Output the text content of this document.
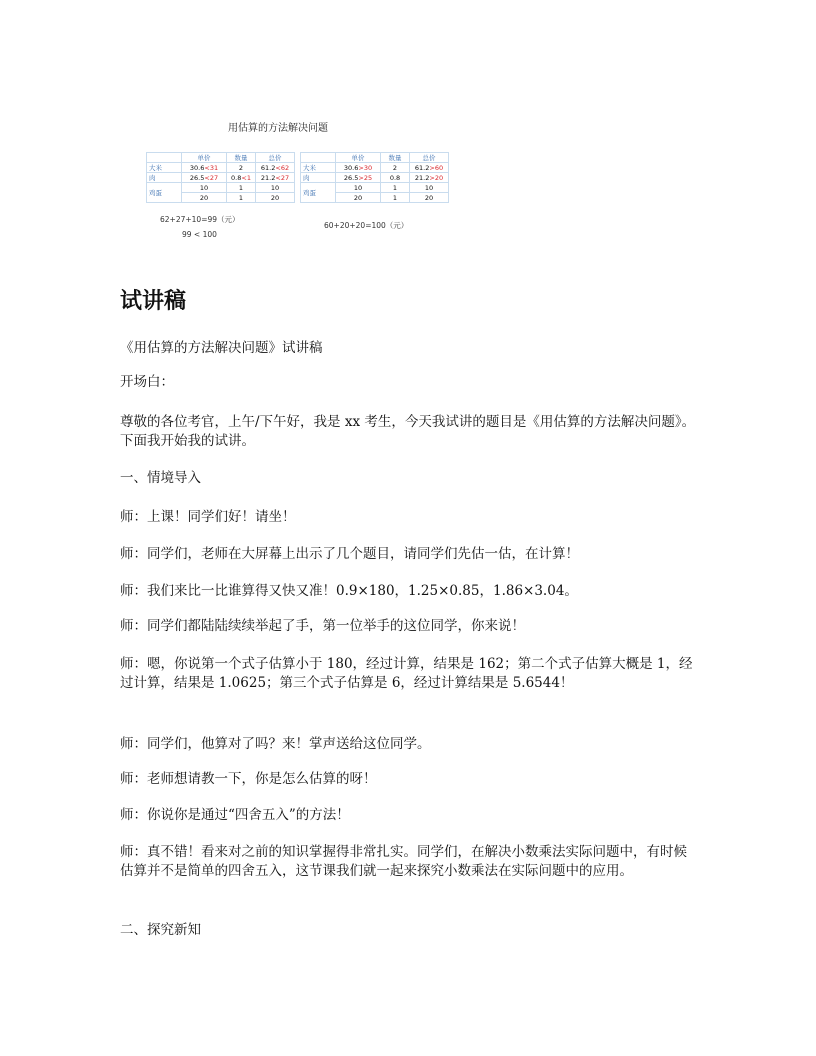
用估算的方法解决问题
	单价	数量	总价
大米	30.6<31	2	61.2<62
肉	26.5<27	0.8<1	21.2<27
鸡蛋	10	1	10
	20	1	20
62+27+10=99（元）
99 < 100
	单价	数量	总价
大米	30.6>30	2	61.2>60
肉	26.5>25	0.8	21.2>20
鸡蛋	10	1	10
	20	1	20
60+20+20=100（元）
试讲稿

《用估算的方法解决问题》试讲稿

开场白：

尊敬的各位考官，上午/下午好，我是 xx 考生，今天我试讲的题目是《用估算的方法解决问题》。下面我开始我的试讲。

一、情境导入

师：上课！同学们好！请坐！

师：同学们，老师在大屏幕上出示了几个题目，请同学们先估一估，在计算！

师：我们来比一比谁算得又快又准！0.9×180，1.25×0.85，1.86×3.04。

师：同学们都陆陆续续举起了手，第一位举手的这位同学，你来说！

师：嗯，你说第一个式子估算小于 180，经过计算，结果是 162；第二个式子估算大概是 1，经过计算，结果是 1.0625；第三个式子估算是 6，经过计算结果是 5.6544！

师：同学们，他算对了吗？来！掌声送给这位同学。

师：老师想请教一下，你是怎么估算的呀！

师：你说你是通过“四舍五入”的方法！

师：真不错！看来对之前的知识掌握得非常扎实。同学们，在解决小数乘法实际问题中，有时候估算并不是简单的四舍五入，这节课我们就一起来探究小数乘法在实际问题中的应用。

二、探究新知
